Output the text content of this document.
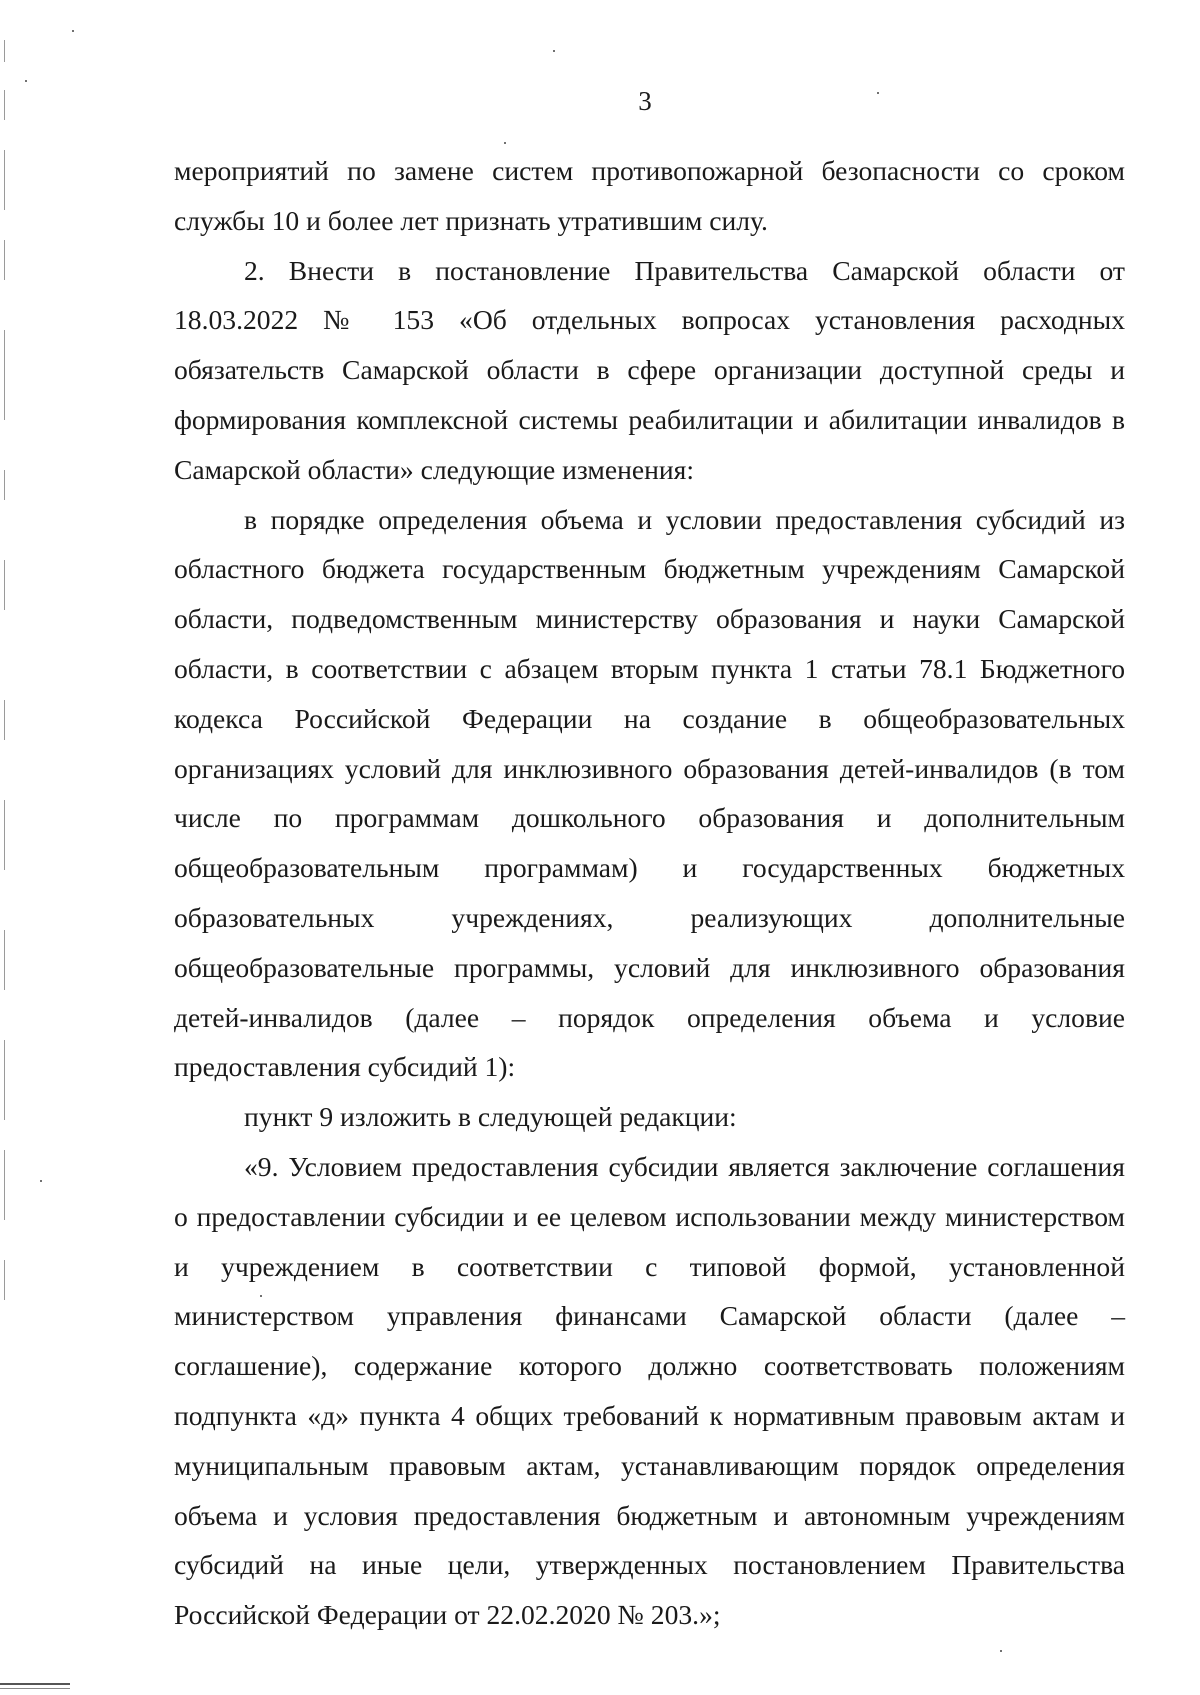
3

мероприятий по замене систем противопожарной безопасности со сроком службы 10 и более лет признать утратившим силу.

2. Внести в постановление Правительства Самарской области от 18.03.2022 № 153 «Об отдельных вопросах установления расходных обязательств Самарской области в сфере организации доступной среды и формирования комплексной системы реабилитации и абилитации инвалидов в Самарской области» следующие изменения:

в порядке определения объема и условии предоставления субсидий из областного бюджета государственным бюджетным учреждениям Самарской области, подведомственным министерству образования и науки Самарской области, в соответствии с абзацем вторым пункта 1 статьи 78.1 Бюджетного кодекса Российской Федерации на создание в общеобразовательных организациях условий для инклюзивного образования детей-инвалидов (в том числе по программам дошкольного образования и дополнительным общеобразовательным программам) и государственных бюджетных образовательных учреждениях, реализующих дополнительные общеобразовательные программы, условий для инклюзивного образования детей-инвалидов (далее – порядок определения объема и условие предоставления субсидий 1):

пункт 9 изложить в следующей редакции:

«9. Условием предоставления субсидии является заключение соглашения о предоставлении субсидии и ее целевом использовании между министерством и учреждением в соответствии с типовой формой, установленной министерством управления финансами Самарской области (далее – соглашение), содержание которого должно соответствовать положениям подпункта «д» пункта 4 общих требований к нормативным правовым актам и муниципальным правовым актам, устанавливающим порядок определения объема и условия предоставления бюджетным и автономным учреждениям субсидий на иные цели, утвержденных постановлением Правительства Российской Федерации от 22.02.2020 № 203.»;
